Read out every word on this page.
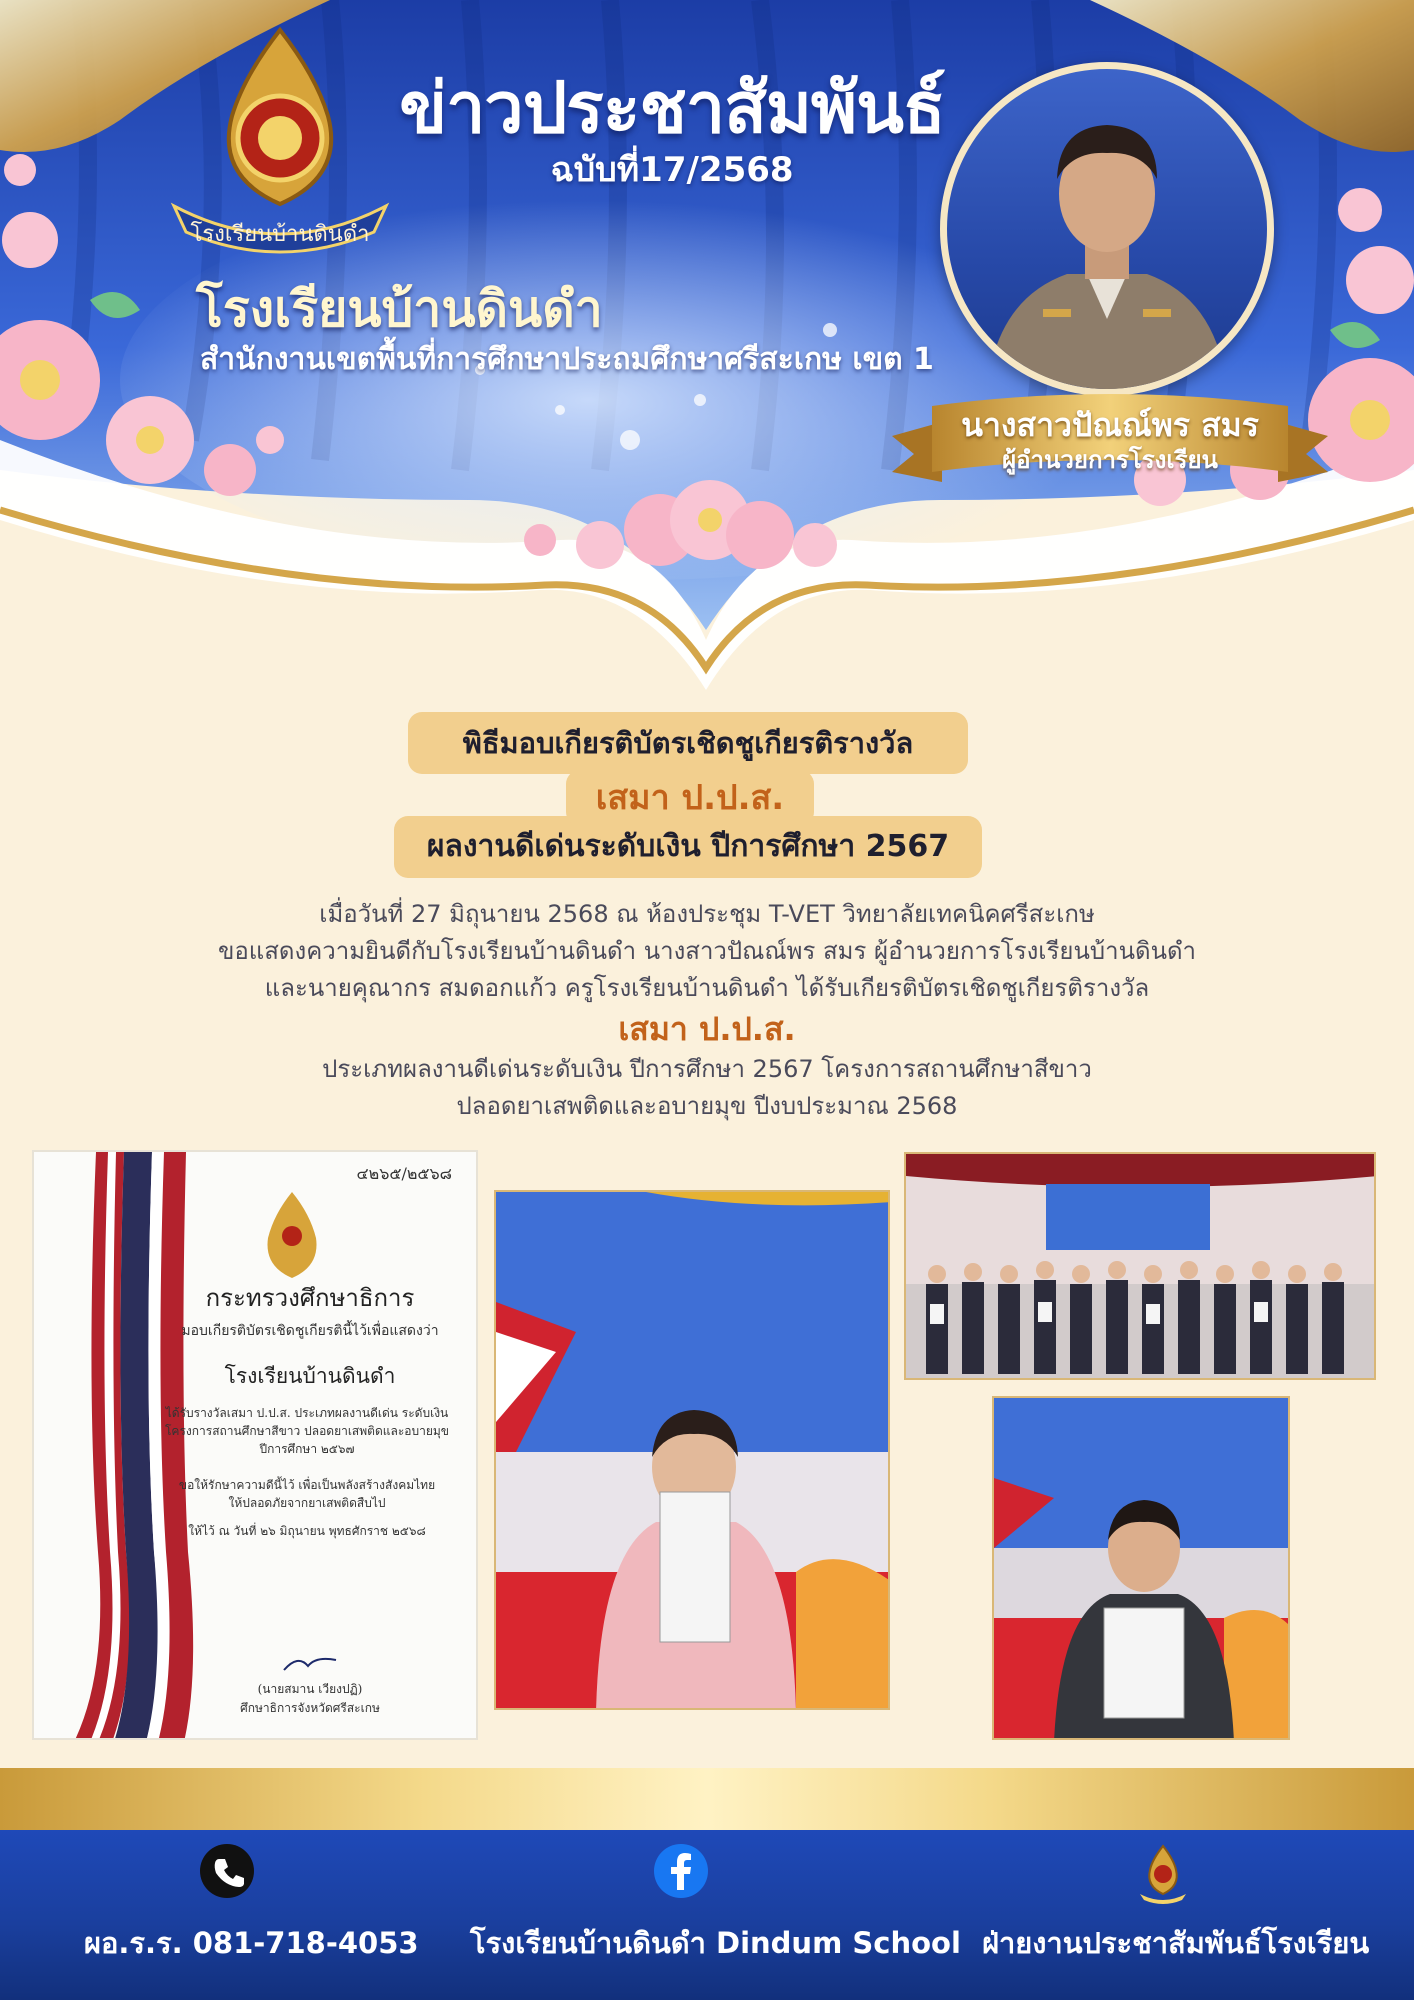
โรงเรียนบ้านดินดำ
ข่าวประชาสัมพันธ์
ฉบับที่17/2568
โรงเรียนบ้านดินดำ
สำนักงานเขตพื้นที่การศึกษาประถมศึกษาศรีสะเกษ เขต 1
นางสาวปัณณ์พร สมร
ผู้อำนวยการโรงเรียน
พิธีมอบเกียรติบัตรเชิดชูเกียรติรางวัล
ผลงานดีเด่นระดับเงิน ปีการศึกษา 2567
เสมา ป.ป.ส.
เมื่อวันที่ 27 มิถุนายน 2568 ณ ห้องประชุม T-VET วิทยาลัยเทคนิคศรีสะเกษ
ขอแสดงความยินดีกับโรงเรียนบ้านดินดำ นางสาวปัณณ์พร สมร ผู้อำนวยการโรงเรียนบ้านดินดำ
และนายคุณากร สมดอกแก้ว ครูโรงเรียนบ้านดินดำ ได้รับเกียรติบัตรเชิดชูเกียรติรางวัล
เสมา ป.ป.ส.
ประเภทผลงานดีเด่นระดับเงิน ปีการศึกษา 2567 โครงการสถานศึกษาสีขาว
ปลอดยาเสพติดและอบายมุข ปีงบประมาณ 2568
๔๒๖๕/๒๕๖๘
กระทรวงศึกษาธิการ
มอบเกียรติบัตรเชิดชูเกียรตินี้ไว้เพื่อแสดงว่า
โรงเรียนบ้านดินดำ
ได้รับรางวัลเสมา ป.ป.ส. ประเภทผลงานดีเด่น ระดับเงิน
โครงการสถานศึกษาสีขาว ปลอดยาเสพติดและอบายมุข
ปีการศึกษา ๒๕๖๗
ขอให้รักษาความดีนี้ไว้ เพื่อเป็นพลังสร้างสังคมไทย
ให้ปลอดภัยจากยาเสพติดสืบไป
ให้ไว้ ณ วันที่ ๒๖ มิถุนายน พุทธศักราช ๒๕๖๘
(นายสมาน เวียงปฏิ)
ศึกษาธิการจังหวัดศรีสะเกษ
ผอ.ร.ร. 081-718-4053 โรงเรียนบ้านดินดำ Dindum School ฝ่ายงานประชาสัมพันธ์โรงเรียน
